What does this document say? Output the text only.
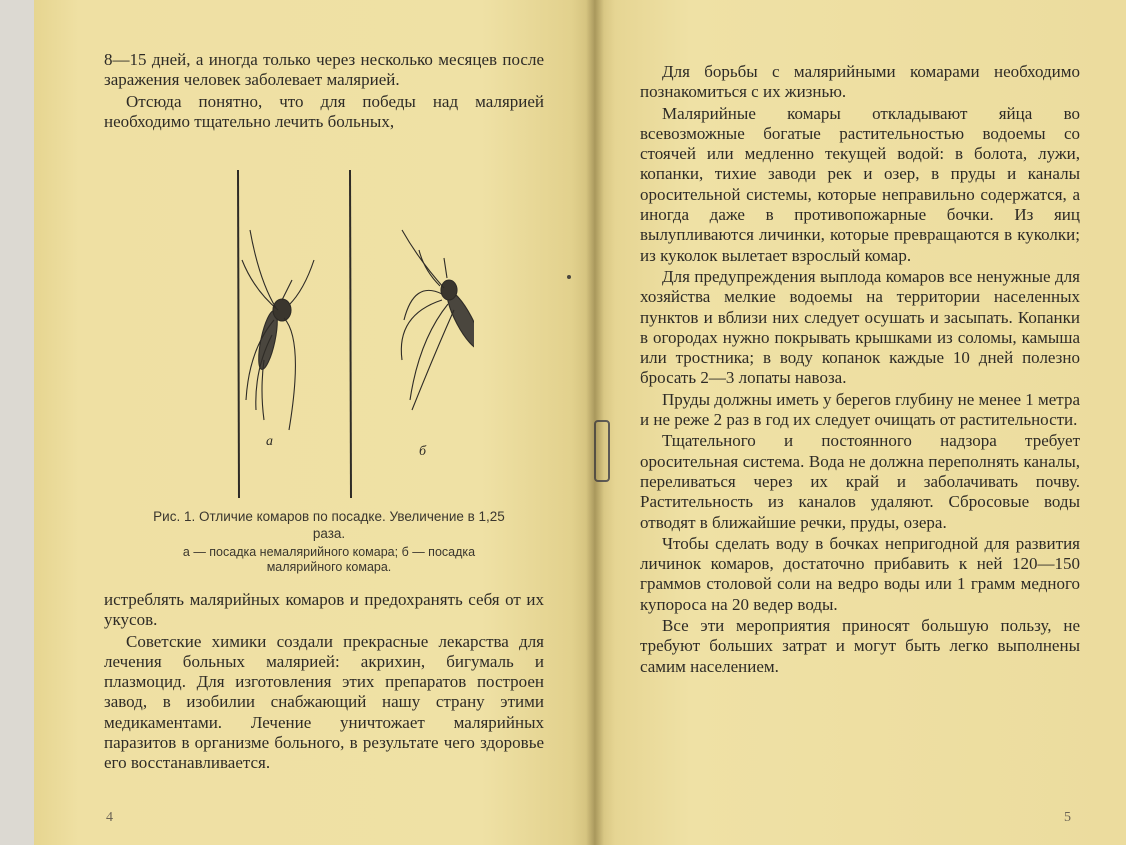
8—15 дней, а иногда только через несколько месяцев после заражения человек заболевает малярией.

Отсюда понятно, что для победы над малярией необходимо тщательно лечить больных,

а
б
Рис. 1. Отличие комаров по посадке. Увеличение в 1,25 раза.
а — посадка немалярийного комара; б — посадка малярийного комара.

истреблять малярийных комаров и предохранять себя от их укусов.

Советские химики создали прекрасные лекарства для лечения больных малярией: акрихин, бигумаль и плазмоцид. Для изготовления этих препаратов построен завод, в изобилии снабжающий нашу страну этими медикаментами. Лечение уничтожает малярийных паразитов в организме больного, в результате чего здоровье его восстанавливается.

4

Для борьбы с малярийными комарами необходимо познакомиться с их жизнью.

Малярийные комары откладывают яйца во всевозможные богатые растительностью водоемы со стоячей или медленно текущей водой: в болота, лужи, копанки, тихие заводи рек и озер, в пруды и каналы оросительной системы, которые неправильно содержатся, а иногда даже в противопожарные бочки. Из яиц вылупливаются личинки, которые превращаются в куколки; из куколок вылетает взрослый комар.

Для предупреждения выплода комаров все ненужные для хозяйства мелкие водоемы на территории населенных пунктов и вблизи них следует осушать и засыпать. Копанки в огородах нужно покрывать крышками из соломы, камыша или тростника; в воду копанок каждые 10 дней полезно бросать 2—3 лопаты навоза.

Пруды должны иметь у берегов глубину не менее 1 метра и не реже 2 раз в год их следует очищать от растительности.

Тщательного и постоянного надзора требует оросительная система. Вода не должна переполнять каналы, переливаться через их край и заболачивать почву. Растительность из каналов удаляют. Сбросовые воды отводят в ближайшие речки, пруды, озера.

Чтобы сделать воду в бочках непригодной для развития личинок комаров, достаточно прибавить к ней 120—150 граммов столовой соли на ведро воды или 1 грамм медного купороса на 20 ведер воды.

Все эти мероприятия приносят большую пользу, не требуют больших затрат и могут быть легко выполнены самим населением.

5
